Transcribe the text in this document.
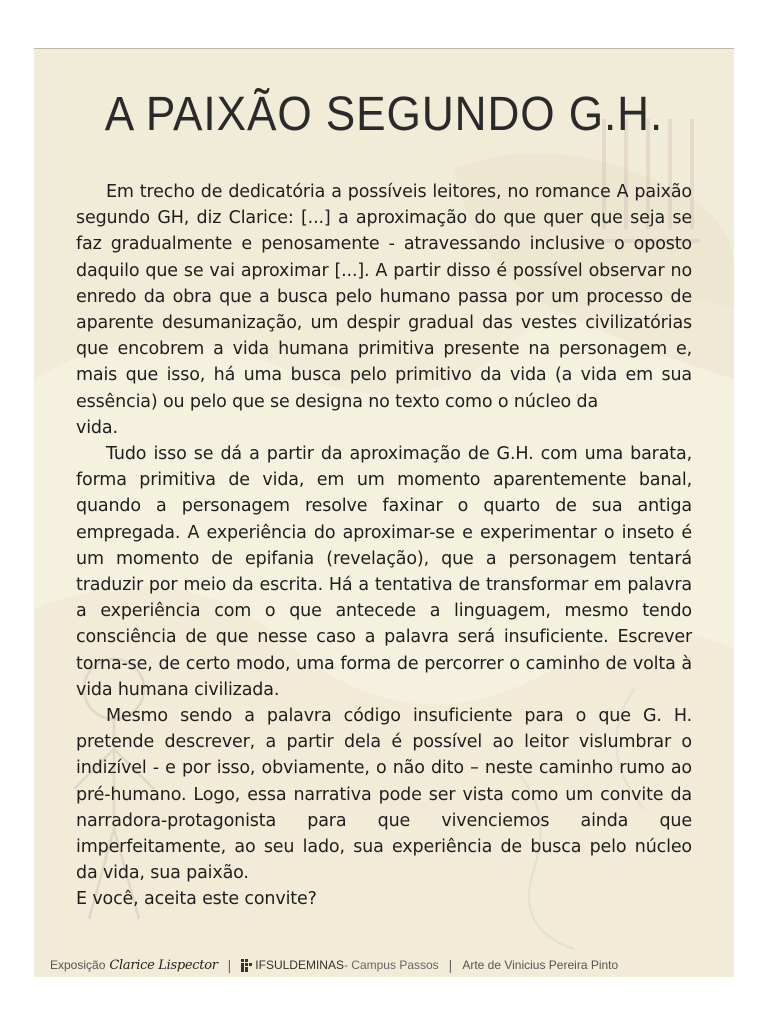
A PAIXÃO SEGUNDO G.H.

Em trecho de dedicatória a possíveis leitores, no romance A paixão segundo GH, diz Clarice: [...] a aproximação do que quer que seja se faz gradualmente e penosamente - atravessando inclusive o oposto daquilo que se vai aproximar [...]. A partir disso é possível observar no enredo da obra que a busca pelo humano passa por um processo de aparente desumanização, um despir gradual das vestes civilizatórias que encobrem a vida humana primitiva presente na personagem e, mais que isso, há uma busca pelo primitivo da vida (a vida em sua essência) ou pelo que se designa no texto como o núcleo da

vida.

Tudo isso se dá a partir da aproximação de G.H. com uma barata, forma primitiva de vida, em um momento aparentemente banal, quando a personagem resolve faxinar o quarto de sua antiga empregada. A experiência do aproximar-se e experimentar o inseto é um momento de epifania (revelação), que a personagem tentará traduzir por meio da escrita. Há a tentativa de transformar em palavra a experiência com o que antecede a linguagem, mesmo tendo consciência de que nesse caso a palavra será insuficiente. Escrever torna-se, de certo modo, uma forma de percorrer o caminho de volta à vida humana civilizada.

Mesmo sendo a palavra código insuficiente para o que G. H. pretende descrever, a partir dela é possível ao leitor vislumbrar o indizível - e por isso, obviamente, o não dito – neste caminho rumo ao pré-humano. Logo, essa narrativa pode ser vista como um convite da narradora-protagonista para que vivenciemos ainda que imperfeitamente, ao seu lado, sua experiência de busca pelo núcleo da vida, sua paixão.

E você, aceita este convite?

Exposição Clarice Lispector | IFSULDEMINAS - Campus Passos | Arte de Vinicius Pereira Pinto
